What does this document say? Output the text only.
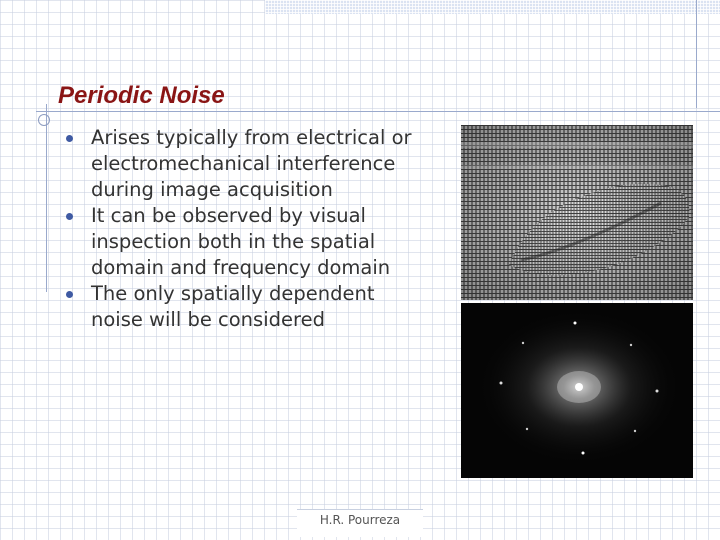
Periodic Noise
Arises typically from electrical or electromechanical interference during image acquisition
It can be observed by visual inspection both in the spatial domain and frequency domain
The only spatially dependent noise will be considered
H.R. Pourreza
